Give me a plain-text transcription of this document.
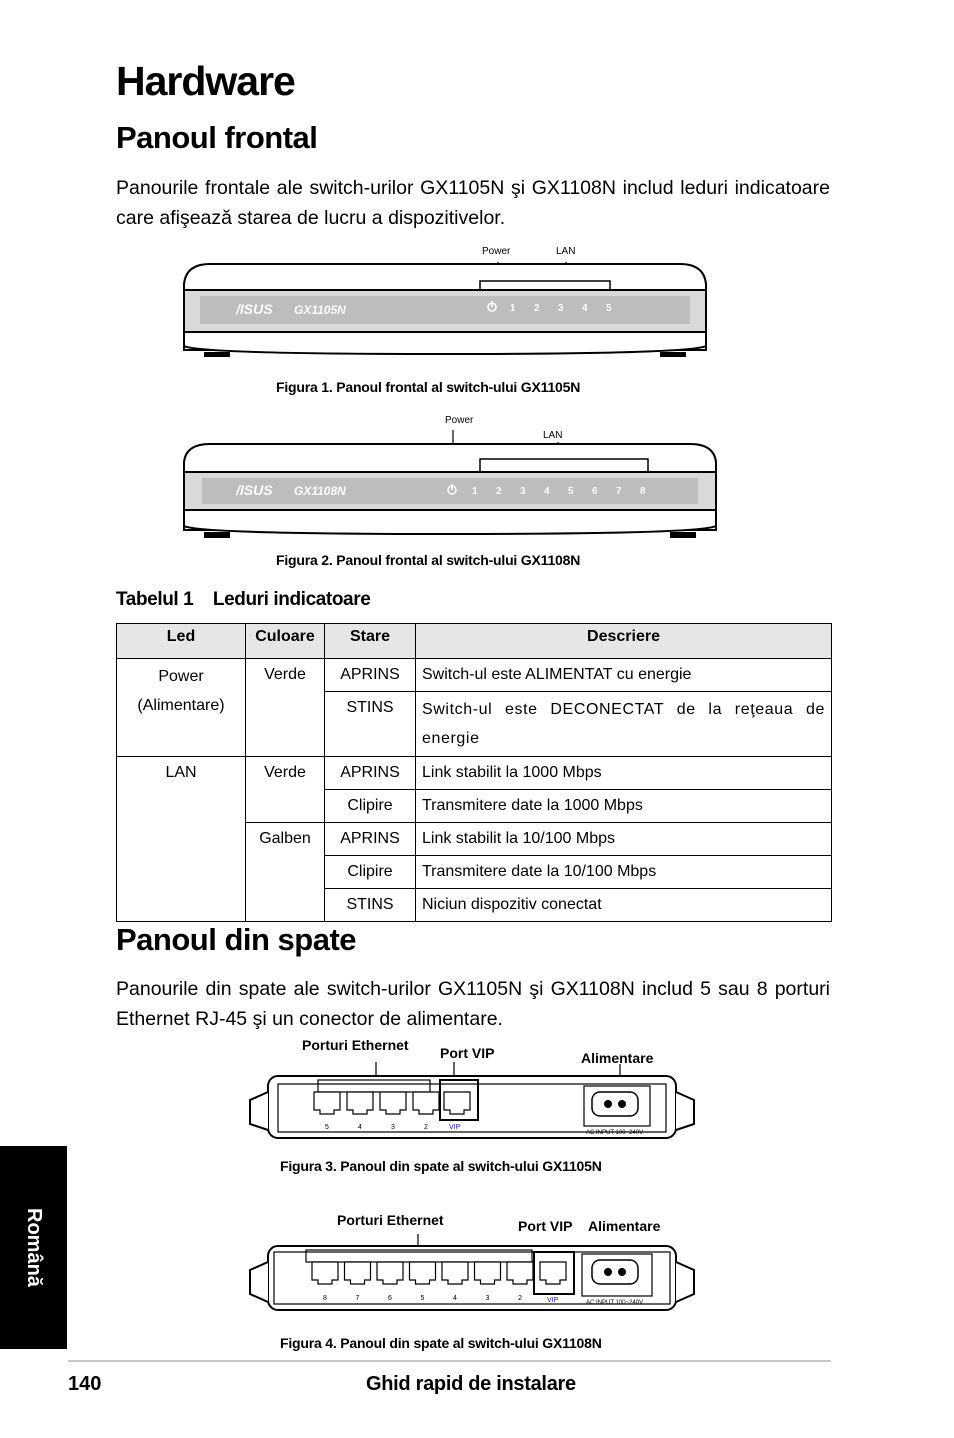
Hardware
Panoul frontal

Panourile frontale ale switch-urilor GX1105N şi GX1108N includ leduri indicatoare care afişează starea de lucru a dispozitivelor.

Power	LAN
/ISUS GX1105N	1 2 3 4 5
Figura 1. Panoul frontal al switch-ului GX1105N
Power
LAN
/ISUS GX1108N	1 2 3 4 5 6 7 8
Figura 2. Panoul frontal al switch-ului GX1108N
Tabelul 1    Leduri indicatoare
Led	Culoare	Stare	Descriere
Power
(Alimentare)	Verde	APRINS	Switch-ul este ALIMENTAT cu energie
		STINS	Switch-ul este DECONECTAT de la reţeaua de energie
LAN	Verde	APRINS	Link stabilit la 1000 Mbps
		Clipire	Transmitere date la 1000 Mbps
	Galben	APRINS	Link stabilit la 10/100 Mbps
		Clipire	Transmitere date la 10/100 Mbps
		STINS	Niciun dispozitiv conectat
Panoul din spate

Panourile din spate ale switch-urilor GX1105N şi GX1108N includ 5 sau 8 porturi Ethernet RJ-45 şi un conector de alimentare.

Porturi Ethernet Port VIP	Alimentare
5	4	3	2	VIP
AC INPUT 100~240V
Figura 3. Panoul din spate al switch-ului GX1105N
Porturi Ethernet	Port VIP Alimentare
8	7	6	5	4	3	2	VIP	AC INPUT 100~240V
Figura 4. Panoul din spate al switch-ului GX1108N
Română
140	Ghid rapid de instalare
